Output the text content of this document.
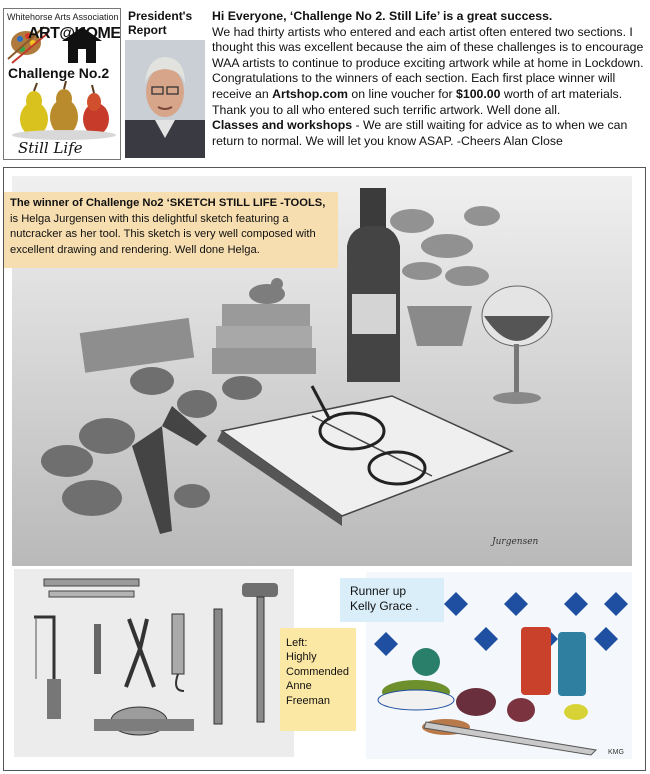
Whitehorse Arts Association
ART@HOME
Challenge No.2
Still Life
President's
Report

Hi Everyone, ‘Challenge No 2. Still Life’ is a great success.

We had thirty artists who entered and each artist often entered two sections. I thought this was excellent because the aim of these challenges is to encourage WAA artists to continue to produce exciting artwork while at home in Lockdown. Congratulations to the winners of each section. Each first place winner will receive an Artshop.com on line voucher for $100.00 worth of art materials. Thank you to all who entered such terrific artwork. Well done all.

Classes and workshops - We are still waiting for advice as to when we can return to normal. We will let you know ASAP. -Cheers Alan Close

Jurgensen
The winner of Challenge No2 ‘SKETCH STILL LIFE -TOOLS,
is Helga Jurgensen with this delightful sketch featuring a nutcracker as her tool. This sketch is very well composed with excellent drawing and rendering. Well done Helga.
Left:
Highly
Commended
Anne
Freeman
KMG
Runner up
Kelly Grace .
